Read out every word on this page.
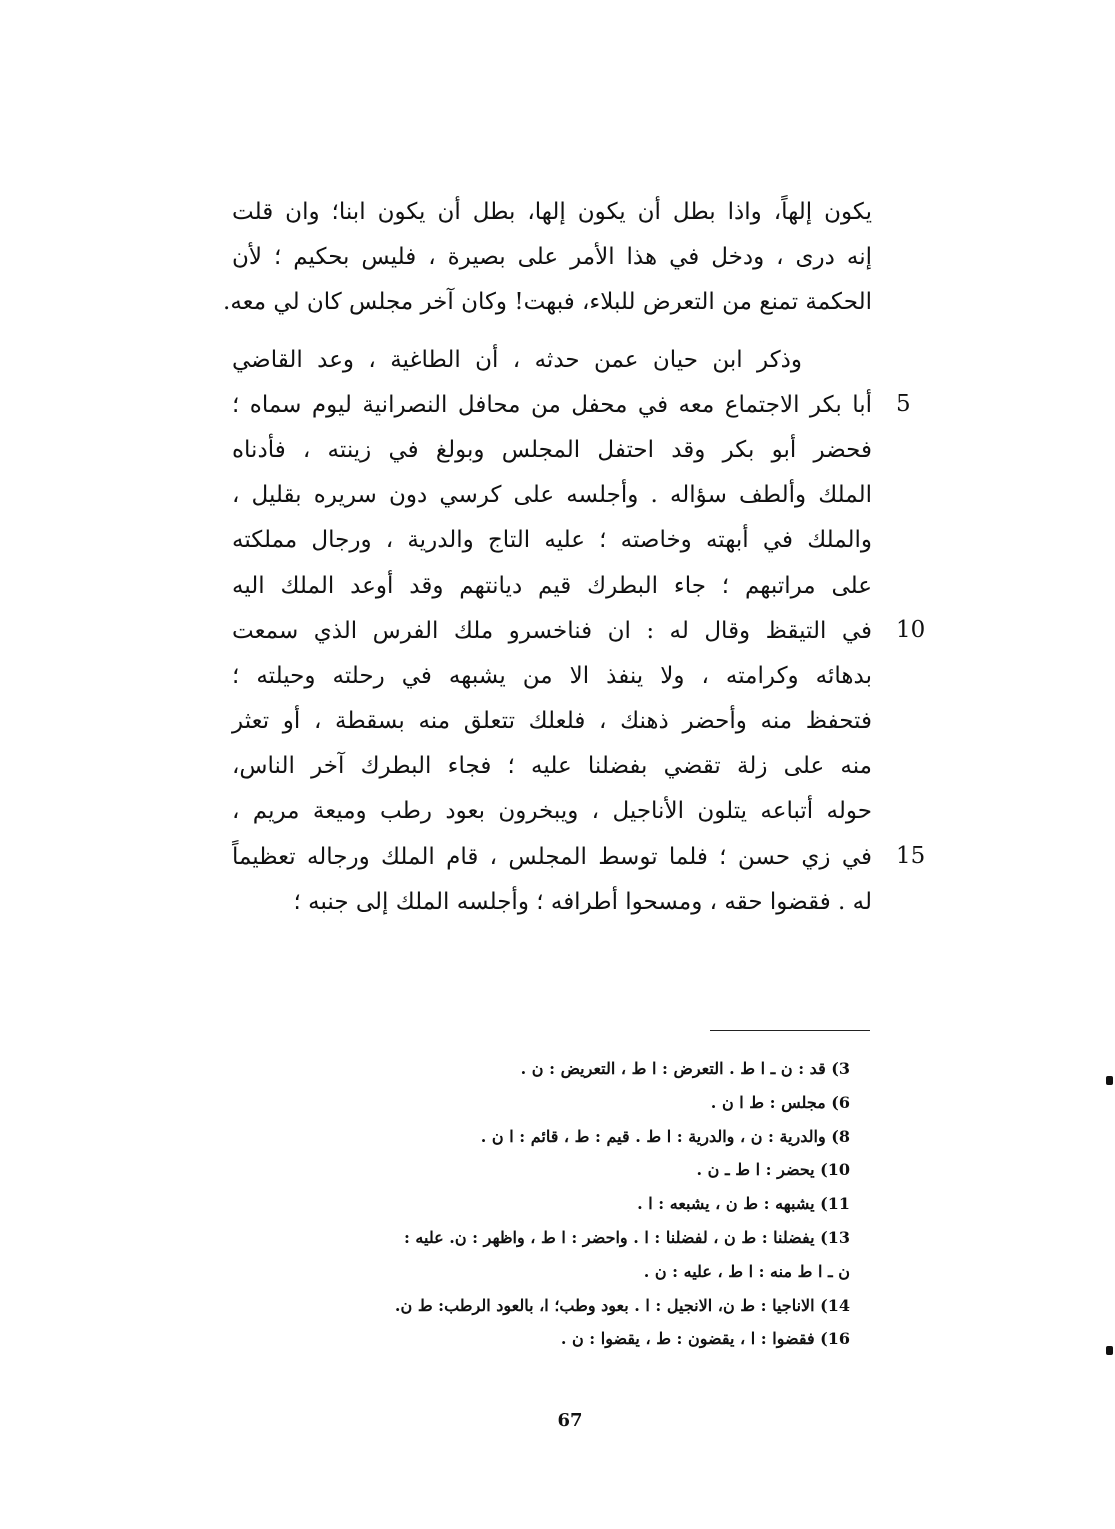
يكون إلهاً، واذا بطل أن يكون إلها، بطل أن يكون ابنا؛ وان قلت
إنه درى ، ودخل في هذا الأمر على بصيرة ، فليس بحكيم ؛ لأن
الحكمة تمنع من التعرض للبلاء، فبهت! وكان آخر مجلس كان لي معه.
وذكر ابن حيان عمن حدثه ، أن الطاغية ، وعد القاضي
أبا بكر الاجتماع معه في محفل من محافل النصرانية ليوم سماه ؛
فحضر أبو بكر وقد احتفل المجلس وبولغ في زينته ، فأدناه
الملك وألطف سؤاله . وأجلسه على كرسي دون سريره بقليل ،
والملك في أبهته وخاصته ؛ عليه التاج والدرية ، ورجال مملكته
على مراتبهم ؛ جاء البطرك قيم ديانتهم وقد أوعد الملك اليه
في التيقظ وقال له : ان فناخسرو ملك الفرس الذي سمعت
بدهائه وكرامته ، ولا ينفذ الا من يشبهه في رحلته وحيلته ؛
فتحفظ منه وأحضر ذهنك ، فلعلك تتعلق منه بسقطة ، أو تعثر
منه على زلة تقضي بفضلنا عليه ؛ فجاء البطرك آخر الناس،
حوله أتباعه يتلون الأناجيل ، ويبخرون بعود رطب وميعة مريم ،
في زي حسن ؛ فلما توسط المجلس ، قام الملك ورجاله تعظيماً
له . فقضوا حقه ، ومسحوا أطرافه ؛ وأجلسه الملك إلى جنبه ؛
5
10
15
3) قد : ن ـ ا ط . التعرض : ا ط ، التعريض : ن .
6) مجلس : ط ا ن .
8) والدرية : ن ، والدرية : ا ط . قيم : ط ، قائم : ا ن .
10) يحضر : ا ط ـ ن .
11) يشبهه : ط ن ، يشبعه : ا .
13) يفضلنا : ط ن ، لفضلنا : ا . واحضر : ا ط ، واظهر : ن. عليه :
ن ـ ا ط منه : ا ط ، عليه : ن .
14) الاناجيا : ط ن، الانجيل : ا . بعود وطب؛ ا، بالعود الرطب: ط ن.
16) فقضوا : ا ، يقضون : ط ، يقضوا : ن .
67
